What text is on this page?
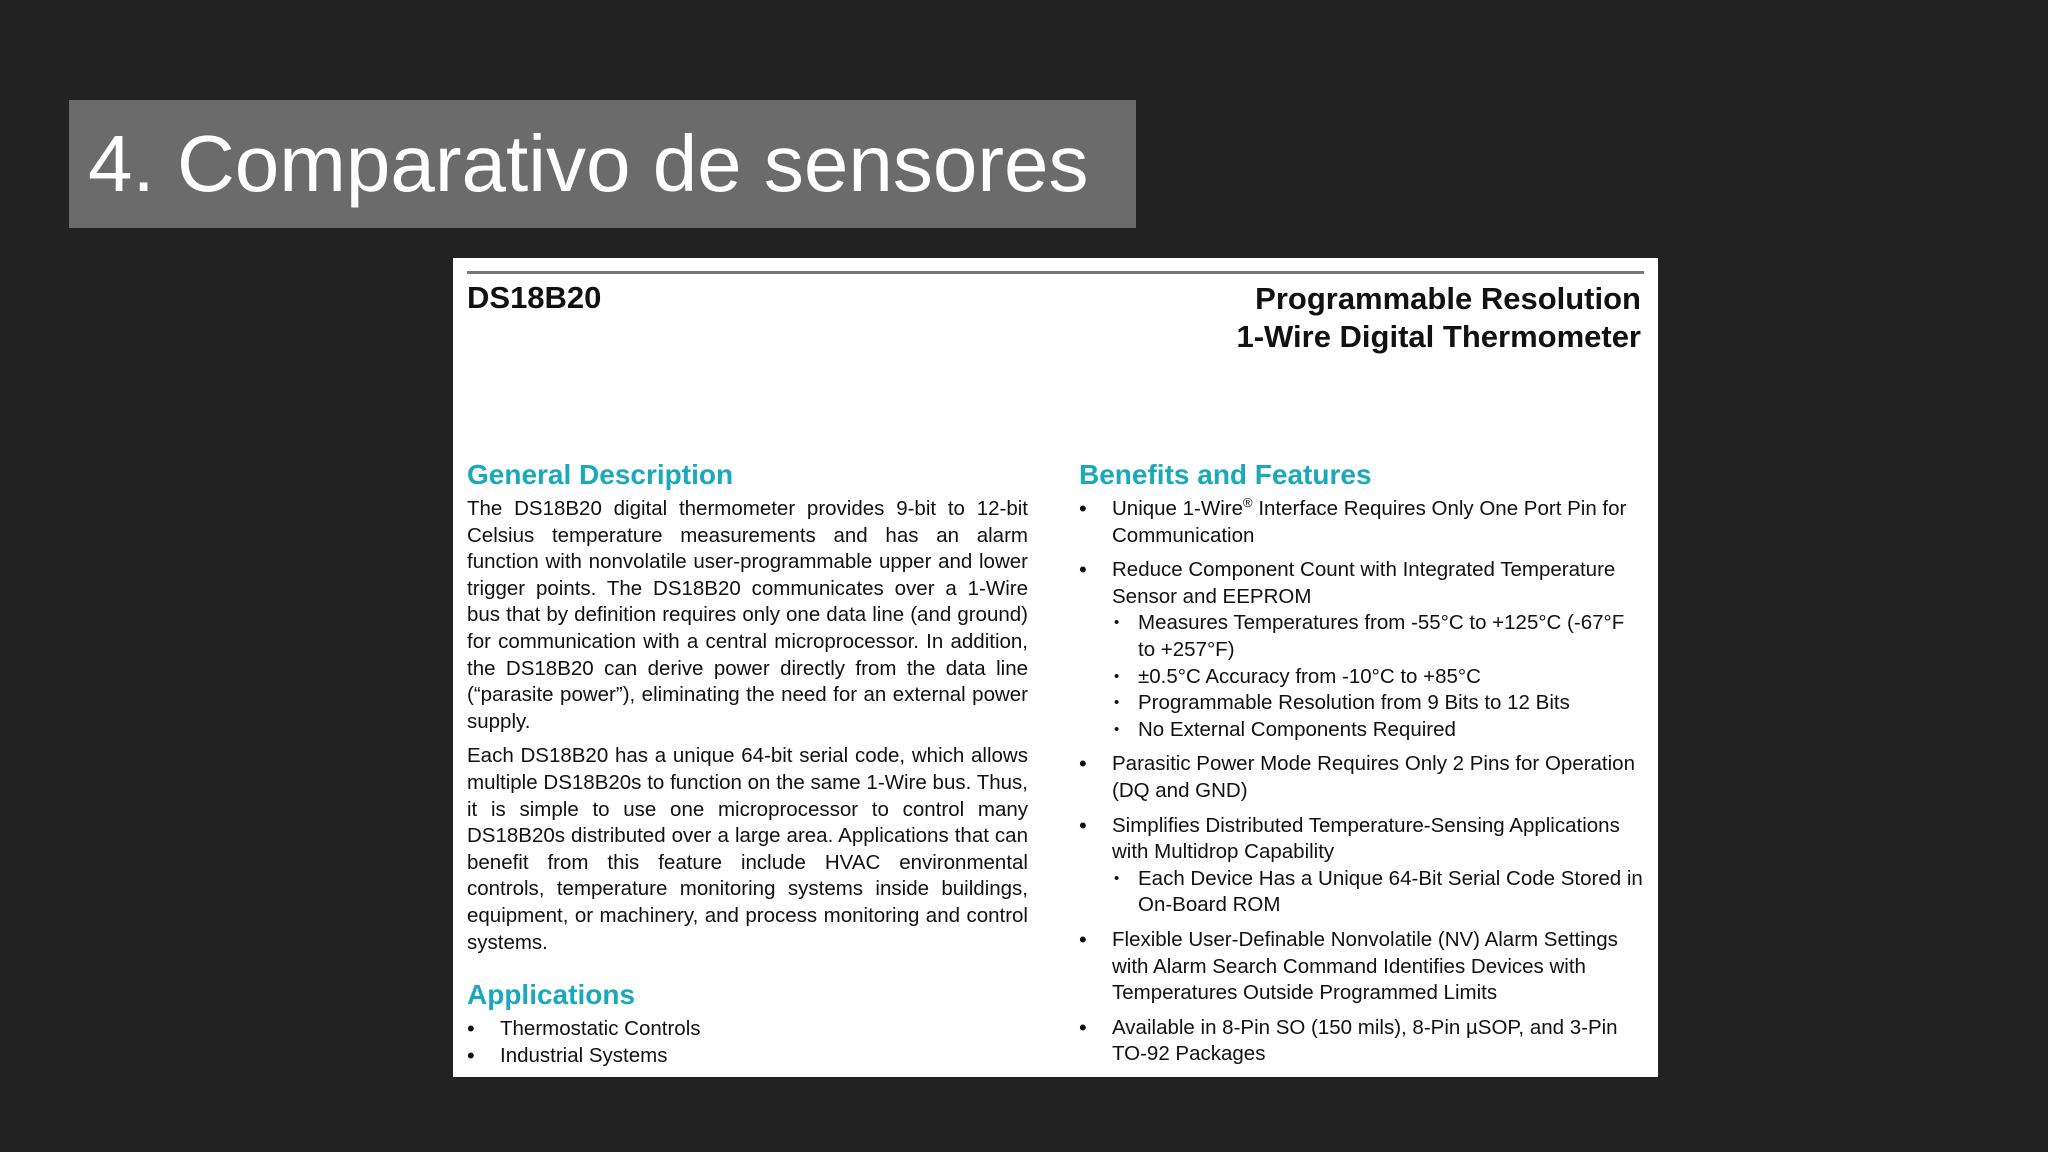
4. Comparativo de sensores
DS18B20	Programmable Resolution
1-Wire Digital Thermometer
General Description

The DS18B20 digital thermometer provides 9-bit to 12-bit Celsius temperature measurements and has an alarm function with nonvolatile user-programmable upper and lower trigger points. The DS18B20 communicates over a 1-Wire bus that by definition requires only one data line (and ground) for communication with a central microprocessor. In addition, the DS18B20 can derive power directly from the data line (“parasite power”), eliminating the need for an external power supply.

Each DS18B20 has a unique 64-bit serial code, which allows multiple DS18B20s to function on the same 1-Wire bus. Thus, it is simple to use one microprocessor to control many DS18B20s distributed over a large area. Applications that can benefit from this feature include HVAC environmental controls, temperature monitoring systems inside buildings, equipment, or machinery, and process monitoring and control systems.

Applications
• Thermostatic Controls
• Industrial Systems
Benefits and Features
• Unique 1-Wire® Interface Requires Only One Port Pin for Communication
• Reduce Component Count with Integrated Temperature Sensor and EEPROM
• Measures Temperatures from -55°C to +125°C (-67°F to +257°F)
• ±0.5°C Accuracy from -10°C to +85°C
• Programmable Resolution from 9 Bits to 12 Bits
• No External Components Required
• Parasitic Power Mode Requires Only 2 Pins for Operation (DQ and GND)
• Simplifies Distributed Temperature-Sensing Applications with Multidrop Capability
• Each Device Has a Unique 64-Bit Serial Code Stored in On-Board ROM
• Flexible User-Definable Nonvolatile (NV) Alarm Settings with Alarm Search Command Identifies Devices with Temperatures Outside Programmed Limits
• Available in 8-Pin SO (150 mils), 8-Pin µSOP, and 3-Pin TO-92 Packages
